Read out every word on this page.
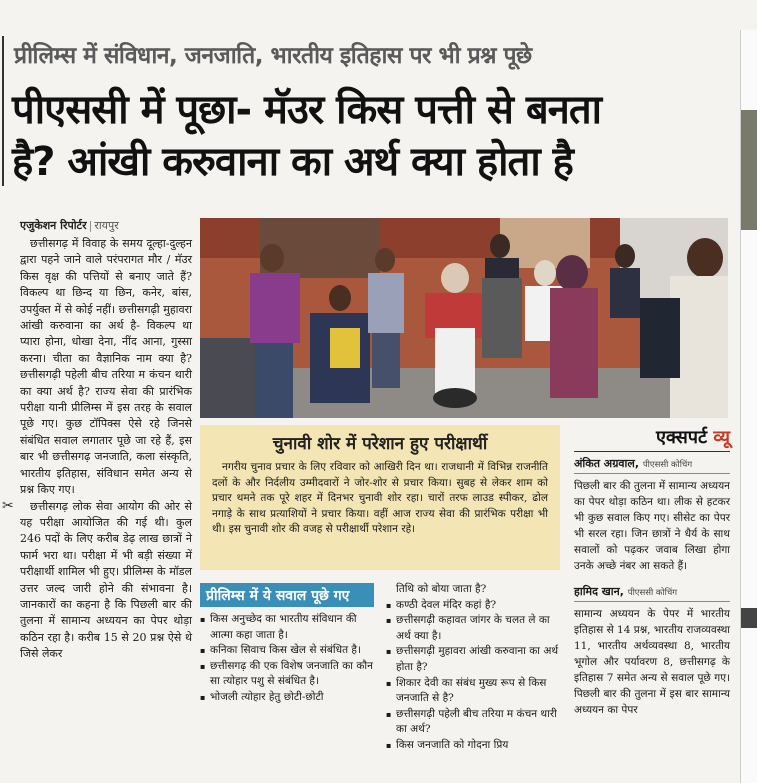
✂
प्रीलिम्स में संविधान, जनजाति, भारतीय इतिहास पर भी प्रश्न पूछे
पीएससी में पूछा- मॅउर किस पत्ती से बनता
है? आंखी करुवाना का अर्थ क्या होता है
एजुकेशन रिपोर्टर | रायपुर

छत्तीसगढ़ में विवाह के समय दूल्हा-दुल्हन द्वारा पहने जाने वाले परंपरागत मौर / मॅउर किस वृक्ष की पत्तियों से बनाए जाते हैं? विकल्प था छिन्द या छिन, कनेर, बांस, उपर्युक्त में से कोई नहीं। छत्तीसगढ़ी मुहावरा आंखी करुवाना का अर्थ है- विकल्प था प्यारा होना, धोखा देना, नींद आना, गुस्सा करना। चीता का वैज्ञानिक नाम क्या है? छत्तीसगढ़ी पहेली बीच तरिया म कंचन थारी का क्या अर्थ है? राज्य सेवा की प्रारंभिक परीक्षा यानी प्रीलिम्स में इस तरह के सवाल पूछे गए। कुछ टॉपिक्स ऐसे रहे जिनसे संबंधित सवाल लगातार पूछे जा रहे हैं, इस बार भी छत्तीसगढ़ जनजाति, कला संस्कृति, भारतीय इतिहास, संविधान समेत अन्य से प्रश्न किए गए।

छत्तीसगढ़ लोक सेवा आयोग की ओर से यह परीक्षा आयोजित की गई थी। कुल 246 पदों के लिए करीब डेढ़ लाख छात्रों ने फार्म भरा था। परीक्षा में भी बड़ी संख्या में परीक्षार्थी शामिल भी हुए। प्रीलिम्स के मॉडल उत्तर जल्द जारी होने की संभावना है। जानकारों का कहना है कि पिछली बार की तुलना में सामान्य अध्ययन का पेपर थोड़ा कठिन रहा है। करीब 15 से 20 प्रश्न ऐसे थे जिसे लेकर

चुनावी शोर में परेशान हुए परीक्षार्थी

नगरीय चुनाव प्रचार के लिए रविवार को आखिरी दिन था। राजधानी में विभिन्न राजनीति दलों के और निर्दलीय उम्मीदवारों ने जोर-शोर से प्रचार किया। सुबह से लेकर शाम को प्रचार थमने तक पूरे शहर में दिनभर चुनावी शोर रहा। चारों तरफ लाउड स्पीकर, ढोल नगाड़े के साथ प्रत्याशियों ने प्रचार किया। वहीं आज राज्य सेवा की प्रारंभिक परीक्षा भी थी। इस चुनावी शोर की वजह से परीक्षार्थी परेशान रहे।

एक्सपर्ट व्यू
अंकित अग्रवाल, पीएससी कोचिंग

पिछली बार की तुलना में सामान्य अध्ययन का पेपर थोड़ा कठिन था। लीक से हटकर भी कुछ सवाल किए गए। सीसेट का पेपर भी सरल रहा। जिन छात्रों ने धैर्य के साथ सवालों को पढ़कर जवाब लिखा होगा उनके अच्छे नंबर आ सकते हैं।

हामिद खान, पीएससी कोचिंग

सामान्य अध्ययन के पेपर में भारतीय इतिहास से 14 प्रश्न, भारतीय राजव्यवस्था 11, भारतीय अर्थव्यवस्था 8, भारतीय भूगोल और पर्यावरण 8, छत्तीसगढ़ के इतिहास 7 समेत अन्य से सवाल पूछे गए। पिछली बार की तुलना में इस बार सामान्य अध्ययन का पेपर

प्रीलिम्स में ये सवाल पूछे गए
▪ किस अनुच्छेद का भारतीय संविधान की आत्मा कहा जाता है।
▪ कनिका सिवाच किस खेल से संबंधित है।
▪ छत्तीसगढ़ की एक विशेष जनजाति का कौन सा त्योहार पशु से संबंधित है।
▪ भोजली त्योहार हेतु छोटी-छोटी
तिथि को बोया जाता है?
▪ कण्ठी देवल मंदिर कहां है?
▪ छत्तीसगढ़ी कहावत जांगर के चलत ले का अर्थ क्या है।
▪ छत्तीसगढ़ी मुहावरा आंखी करुवाना का अर्थ होता है?
▪ शिकार देवी का संबंध मुख्य रूप से किस जनजाति से है?
▪ छत्तीसगढ़ी पहेली बीच तरिया म कंचन थारी का अर्थ?
▪ किस जनजाति को गोदना प्रिय
